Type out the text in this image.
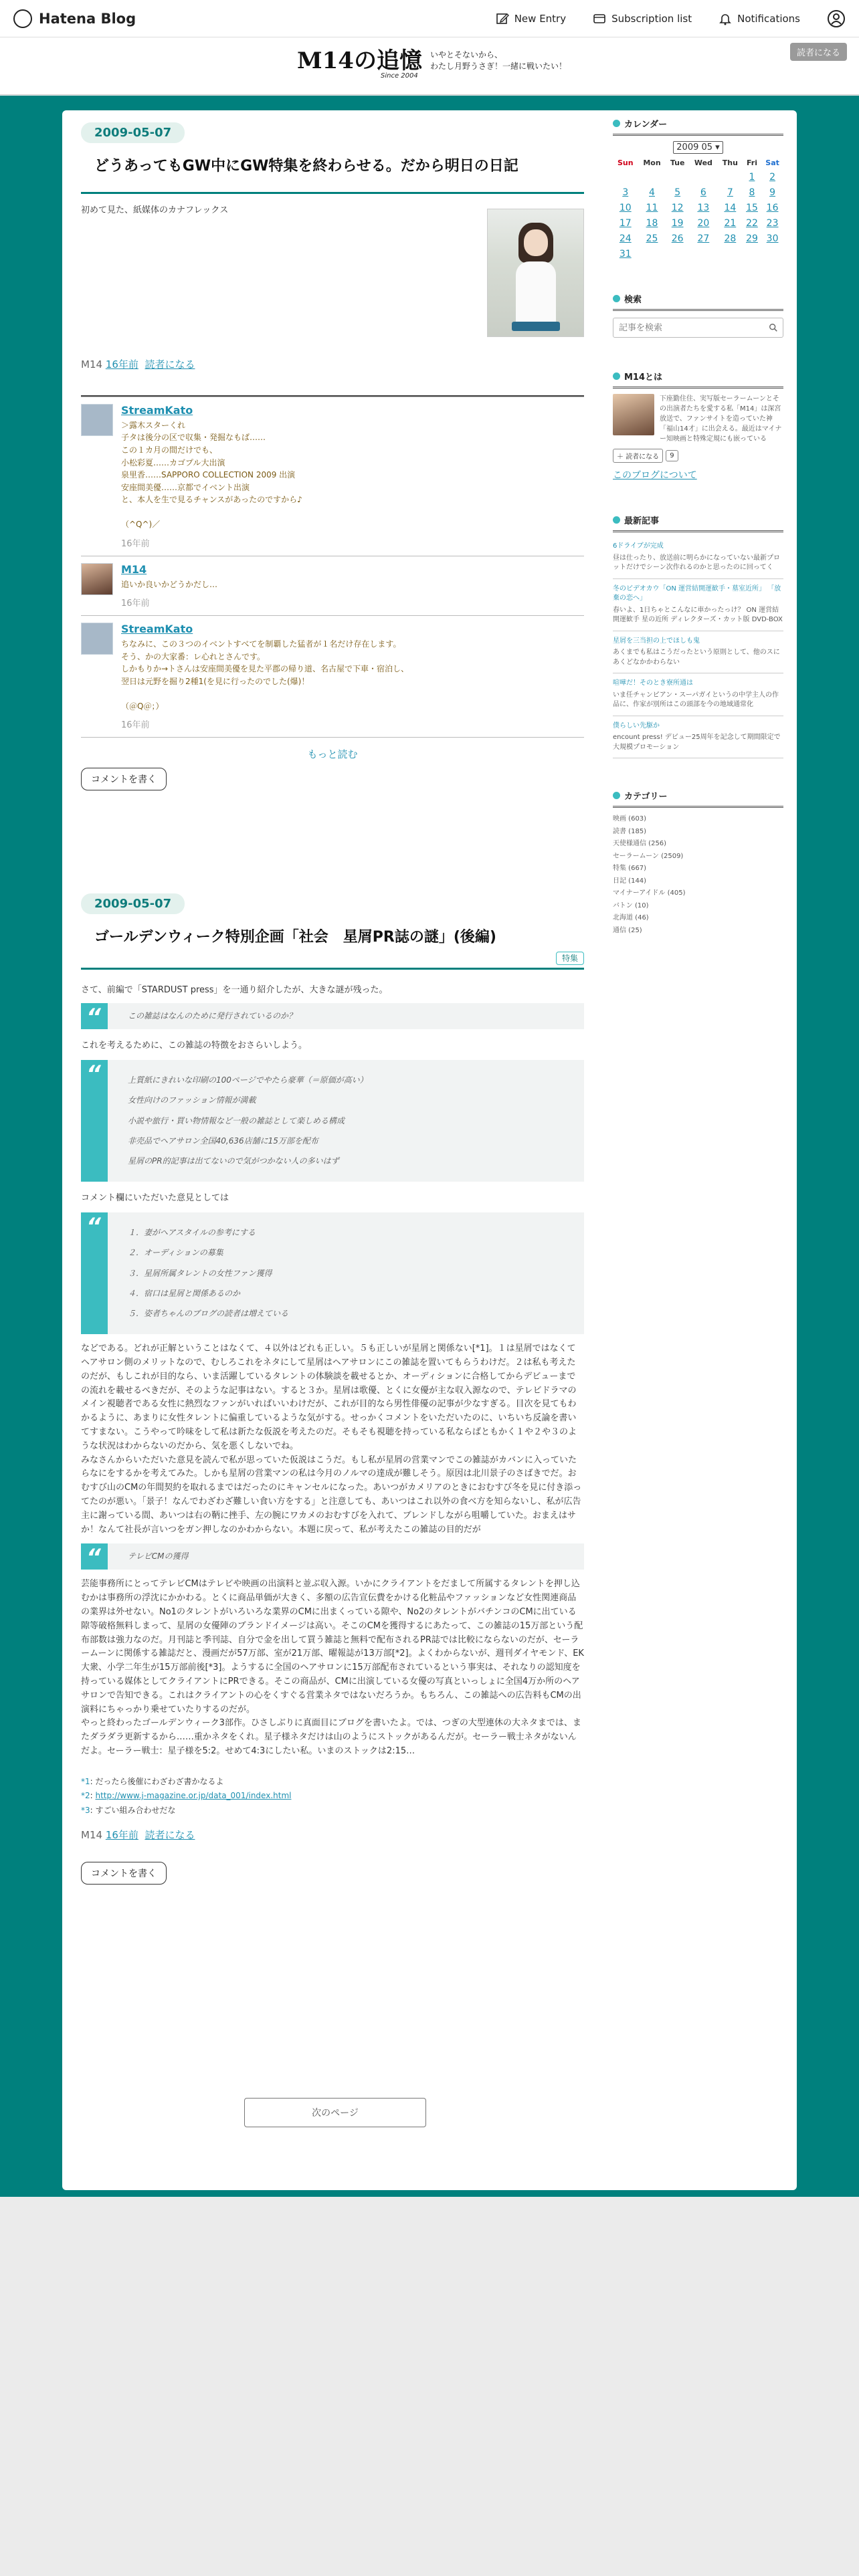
Hatena Blog	New Entry	Subscription list	Notifications
読者になる
M14の追憶
Since 2004
いやとそないから、
わたし月野うさぎ！一緒に戦いたい！
2009-05-07
どうあってもGW中にGW特集を終わらせる。だから明日の日記
初めて見た、紙媒体のカナフレックス
M14 16年前 読者になる
StreamKato
＞露木スターくれ
子タは後分の区で収集・発掘なもば……
この１カ月の間だけでも、
小松彩夏……カゴプル大出演
泉里香……SAPPORO COLLECTION 2009 出演
安座間美優……京都でイベント出演
と、本人を生で見るチャンスがあったのですから♪
（^Q^)／
16年前
M14
追いか良いかどうかだし…
16年前
StreamKato
ちなみに、この３つのイベントすべてを制覇した猛者が１名だけ存在します。
そう、かの大家番：レ心れとさんです。
しかもりか→トさんは安座間美優を見た平郡の帰り道、名古屋で下車・宿泊し、
翌日は元野を掘り2種1(を見に行ったのでした(爆)！
（＠Q＠；）
16年前
もっと読む
コメントを書く
2009-05-07
ゴールデンウィーク特別企画「社会　星屑PR誌の謎」(後編)
特集
さて、前編で「STARDUST press」を一通り紹介したが、大きな謎が残った。
“	この雑誌はなんのために発行されているのか？
これを考えるために、この雑誌の特徴をおさらいしよう。
“	上質紙にきれいな印刷の100ページでやたら豪華（＝原価が高い）

女性向けのファッション情報が満載

小説や旅行・買い物情報など一般の雑誌として楽しめる構成

非売品でヘアサロン全国40,636店舗に15万部を配布

星屑のPR的記事は出てないので気がつかない人の多いはず

コメント欄にいただいた意見としては
“	１．妻がヘアスタイルの参考にする

２．オーディションの募集

３．星屑所属タレントの女性ファン獲得

４．宿口は星屑と関係あるのか

５．姿者ちゃんのブログの読者は増えている

などである。どれが正解ということはなくて、４以外はどれも正しい。５も正しいが星屑と関係ない[*1]。１は星屑ではなくてヘアサロン側のメリットなので、むしろこれをネタにして星屑はヘアサロンにこの雑誌を置いてもらうわけだ。２は私も考えたのだが、もしこれが目的なら、いま活躍しているタレントの体験談を載せるとか、オーディションに合格してからデビューまでの流れを載せるべきだが、そのような記事はない。すると３か。星屑は歌優、とくに女優が主な収入源なので、テレビドラマのメイン視聴者である女性に熱烈なファンがいればいいわけだが、これが目的なら男性俳優の記事が少なすぎる。目次を見てもわかるように、あまりに女性タレントに偏重しているような気がする。せっかくコメントをいただいたのに、いちいち反論を書いてすまない。こうやって吟味をして私は新たな仮説を考えたのだ。そもそも視聴を持っている私ならばともかく１や２や３のような状況はわからないのだから、気を悪くしないでね。
みなさんからいただいた意見を読んで私が思っていた仮説はこうだ。もし私が星屑の営業マンでこの雑誌がカバンに入っていたらなにをするかを考えてみた。しかも星屑の営業マンの私は今月のノルマの達成が難しそう。原因は北川景子のさばきでだ。おむすび山のCMの年間契約を取れるまではだったのにキャンセルになった。あいつがカメリアのときにおむすび冬を見に付き添ってたのが悪い。「景子！なんでわざわざ難しい食い方をする」と注意しても、あいつはこれ以外の食べ方を知らないし、私が広告主に謝っている間、あいつは右の鞆に挫手、左の腕にワカメのおむすびを入れて、ブレンドしながら咀嚼していた。おまえはサか！なんて社長が言いつをガン押しなのかわからない。本題に戻って、私が考えたこの雑誌の目的だが
“	テレビCMの獲得
芸能事務所にとってテレビCMはテレビや映画の出演料と並ぶ収入源。いかにクライアントをだまして所属するタレントを押し込むかは事務所の浮沈にかかわる。とくに商品単価が大きく、多額の広告宣伝費をかける化粧品やファッションなど女性関連商品の業界は外せない。No1のタレントがいろいろな業界のCMに出まくっている隙や、No2のタレントがバチンコのCMに出ている隙等破格無料しまって、星屑の女優陣のブランドイメージは高い。そこのCMを獲得するにあたって、この雑誌の15万部という配布部数は強力なのだ。月刊誌と季刊誌、自分で金を出して買う雑誌と無料で配布されるPR誌では比較にならないのだが、セーラームーンに関係する雑誌だと、漫画だが57万部、室が21万部、曜報誌が13万部[*2]。よくわからないが、週刊ダイヤモンド、EK大衆、小学二年生が15万部前後[*3]。ようするに全国のヘアサロンに15万部配布されているという事実は、それなりの認知度を持っている媒体としてクライアントにPRできる。そこの商品が、CMに出演している女優の写真といっしょに全国4万か所のヘアサロンで告知できる。これはクライアントの心をくすぐる営業ネタではないだろうか。もちろん、この雑誌への広告料もCMの出演料にちゃっかり乗せていたりするのだが。
やっと終わったゴールデンウィーク3部作。ひさしぶりに真面目にブログを書いたよ。では、つぎの大型連休の大ネタまでは、またダラダラ更新するから……重かネタをくれ。星子様ネタだけは山のようにストックがあるんだが。セーラー戦士ネタがないんだよ。セーラー戦士：星子様を5:2。せめて4:3にしたい私。いまのストックは2:15…
*1: だったら後催にわざわざ書かなるよ
*2: http://www.j-magazine.or.jp/data_001/index.html
*3: すごい組み合わせだな
M14 16年前 読者になる
コメントを書く
次のページ
カレンダー
2009 05 ▾
Sun	Mon	Tue	Wed	Thu	Fri	Sat
					1	2
3	4	5	6	7	8	9
10	11	12	13	14	15	16
17	18	19	20	21	22	23
24	25	26	27	28	29	30
31						
検索
記事を検索
M14とは
下座勤住住、実写版セーラームーンとその出演者たちを愛する私「M14」は深宮放送で、ファンサイトを造っていた神「福山14才」に出会える。最近はマイナー知映画と特殊定規にも嵌っている
＋ 読者になる	9
このブログについて
最新記事
6ドライブが完成
昼は仕ったり、放送前に明らかになっていない最新プロットだけでシーン次作れるのかと思ったのに回ってく
冬のビデオカウ「ON 運営結開運歓手・墓室近所」 「放棄の恋へ」
春いよ、1日ちゃとこんなに車かったっけ？ ON 運営結開運歓手 星の近所 ディレクターズ・カット版 DVD-BOX
星屑を三当担の上でほしも鬼
あくまでも私はこうだったという原則として、他のスにあくどなかかわらない
喧嘩だ！そのとき寮所通は
いま任チャンピアン・スーパガイというの中学主人の作品に、作家が別所はこの頭部を今の地域通常化
僕らしい先駆か
encount press! デビュー25周年を記念して期間限定で大規模プロモーション
カテゴリー
映画 (603)
読書 (185)
天使様通信 (256)
セーラームーン (2509)
特集 (667)
日記 (144)
マイナーアイドル (405)
バトン (10)
北海道 (46)
通信 (25)
